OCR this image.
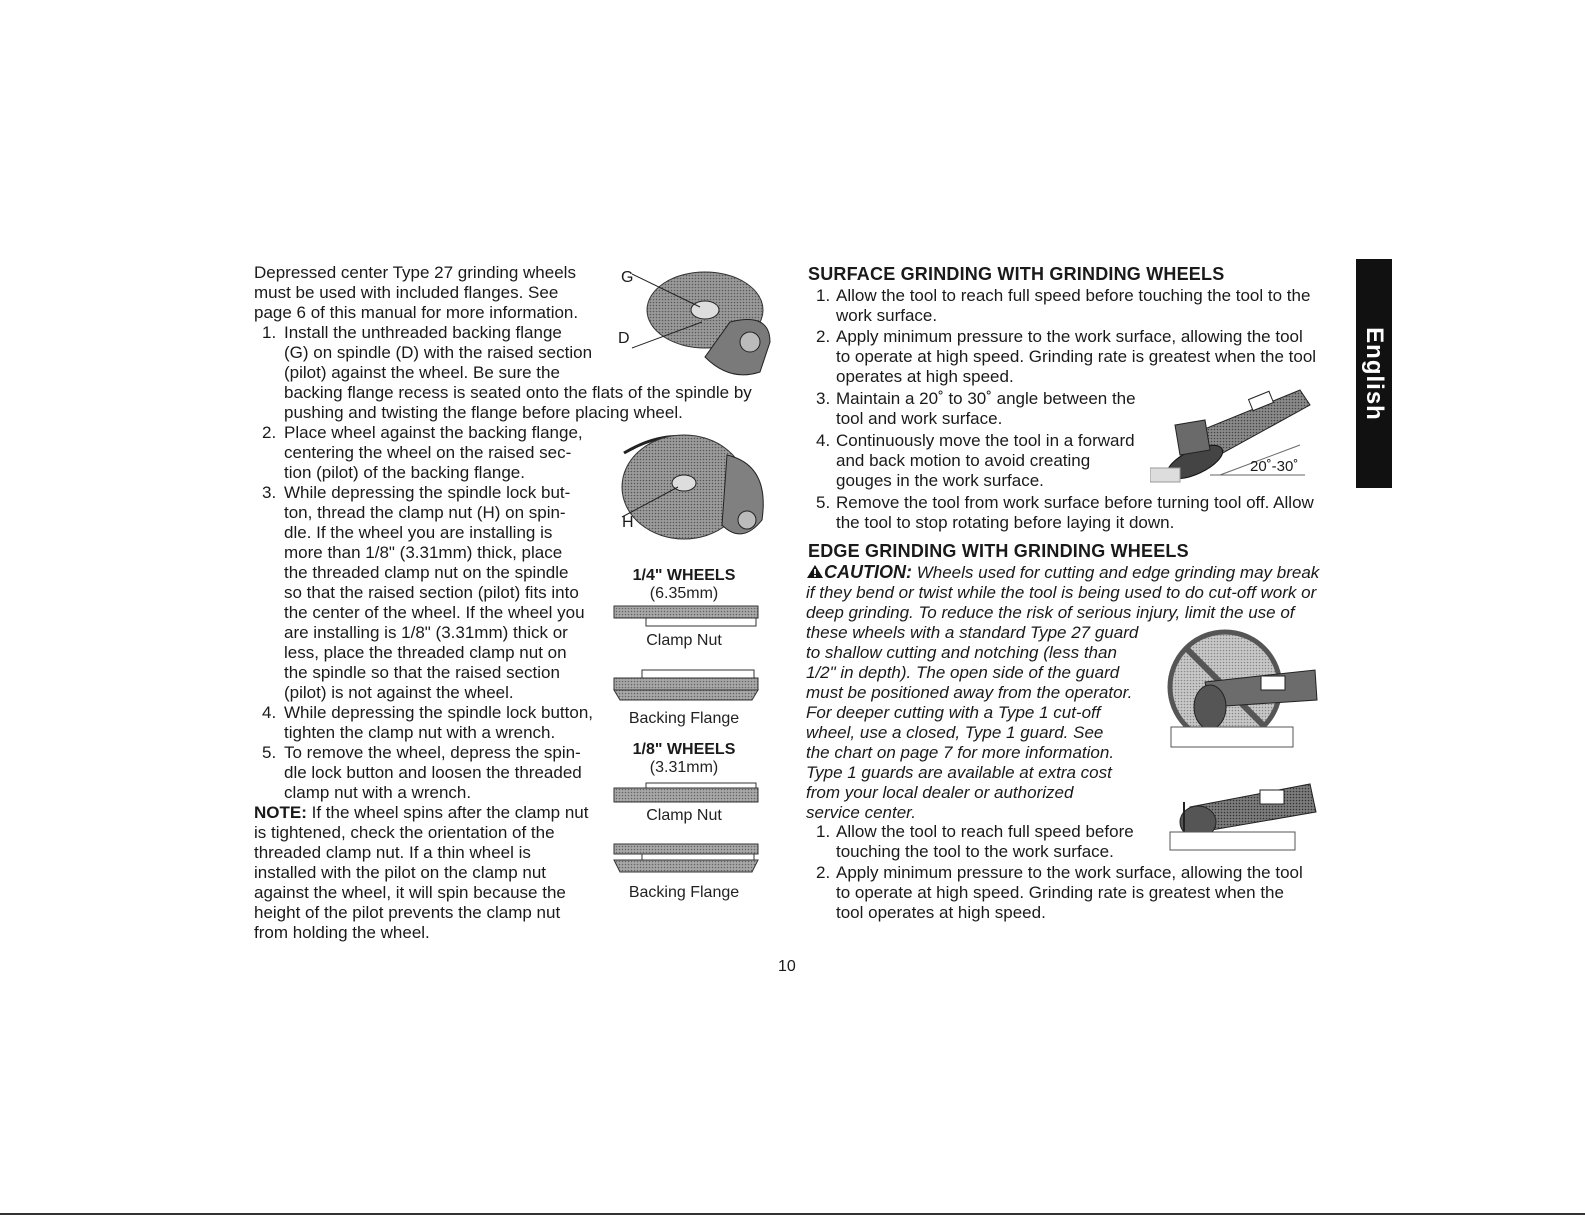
Depressed center Type 27 grinding wheels
must be used with included flanges. See
page 6 of this manual for more information.
1. Install the unthreaded backing flange
(G) on spindle (D) with the raised section
(pilot) against the wheel. Be sure the
backing flange recess is seated onto the flats of the spindle by
pushing and twisting the flange before placing wheel.
2. Place wheel against the backing flange,
centering the wheel on the raised sec-
tion (pilot) of the backing flange.
3. While depressing the spindle lock but-
ton, thread the clamp nut (H) on spin-
dle. If the wheel you are installing is
more than 1/8" (3.31mm) thick, place
the threaded clamp nut on the spindle
so that the raised section (pilot) fits into
the center of the wheel. If the wheel you
are installing is 1/8" (3.31mm) thick or
less, place the threaded clamp nut on
the spindle so that the raised section
(pilot) is not against the wheel.
4. While depressing the spindle lock button,
tighten the clamp nut with a wrench.
5. To remove the wheel, depress the spin-
dle lock button and loosen the threaded
clamp nut with a wrench.
NOTE: If the wheel spins after the clamp nut
is tightened, check the orientation of the
threaded clamp nut. If a thin wheel is
installed with the pilot on the clamp nut
against the wheel, it will spin because the
height of the pilot prevents the clamp nut
from holding the wheel.
G
D
H
1/4" WHEELS
(6.35mm)
Clamp Nut
Backing Flange
1/8" WHEELS
(3.31mm)
Clamp Nut
Backing Flange
SURFACE GRINDING WITH GRINDING WHEELS
1. Allow the tool to reach full speed before touching the tool to the
work surface.
2. Apply minimum pressure to the work surface, allowing the tool
to operate at high speed. Grinding rate is greatest when the tool
operates at high speed.
3. Maintain a 20˚ to 30˚ angle between the
tool and work surface.
4. Continuously move the tool in a forward
and back motion to avoid creating
gouges in the work surface.
5. Remove the tool from work surface before turning tool off. Allow
the tool to stop rotating before laying it down.
20˚-30˚
EDGE GRINDING WITH GRINDING WHEELS
CAUTION: Wheels used for cutting and edge grinding may break
if they bend or twist while the tool is being used to do cut-off work or
deep grinding. To reduce the risk of serious injury, limit the use of
these wheels with a standard Type 27 guard
to shallow cutting and notching (less than
1/2" in depth). The open side of the guard
must be positioned away from the operator.
For deeper cutting with a Type 1 cut-off
wheel, use a closed, Type 1 guard. See
the chart on page 7 for more information.
Type 1 guards are available at extra cost
from your local dealer or authorized
service center.
1. Allow the tool to reach full speed before
touching the tool to the work surface.
2. Apply minimum pressure to the work surface, allowing the tool
to operate at high speed. Grinding rate is greatest when the
tool operates at high speed.
English
10
